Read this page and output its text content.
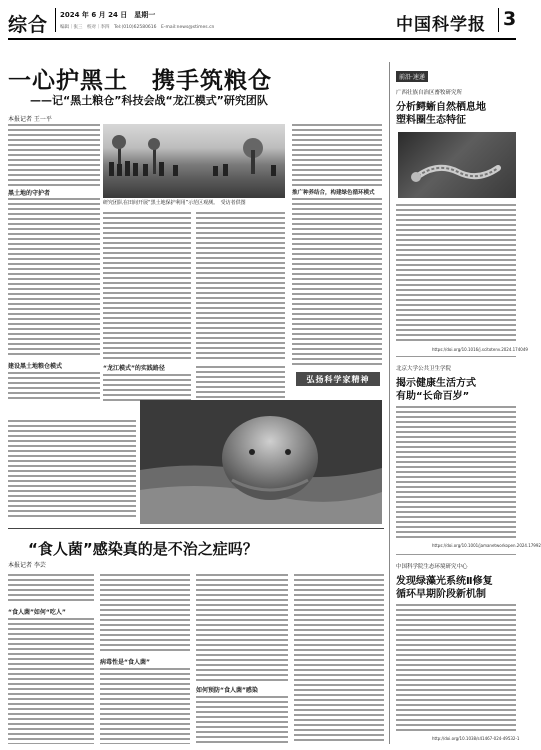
综合 2024 年 6 月 24 日　星期一
编辑｜张三　校对｜李四　Tel:(010)62580616　E-mail:news@stimes.cn	中国科学报 3
一心护黑土　携手筑粮仓
——记“黑土粮仓”科技会战“龙江模式”研究团队
本报记者 王一平
黑土地的守护者
建设黑土地粮仓模式
研究团队在田间开展“黑土地保护利用”示范区观测。　受访者供图
“龙江模式”的实践路径
推广种养结合，构建绿色循环模式
弘扬科学家精神
“食人菌”感染真的是不治之症吗？
本报记者 李芸
“食人菌”如何“吃人”
病毒性是“食人菌”
如何预防“食人菌”感染
前沿·速递
广西壮族自治区畜牧研究所
分析鳄蜥自然栖息地
塑料圈生态特征
https://doi.org/10.1016/j.scitotenv.2024.174049
北京大学公共卫生学院
揭示健康生活方式
有助“长命百岁”
https://doi.org/10.1001/jamanetworkopen.2024.17992
中国科学院生态环境研究中心
发现绿藻光系统Ⅱ修复
循环早期阶段新机制
http://doi.org/10.1038/s41467-024-49532-1
